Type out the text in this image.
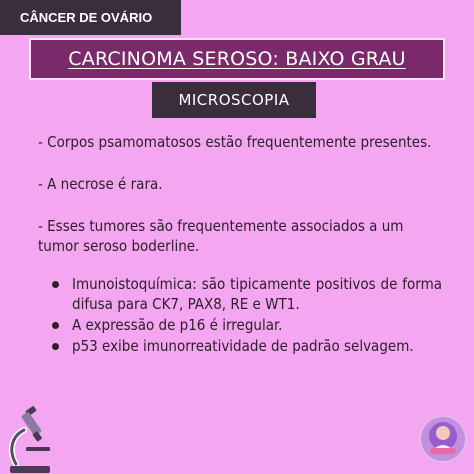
CÂNCER DE OVÁRIO
CARCINOMA SEROSO: BAIXO GRAU
MICROSCOPIA

- Corpos psamomatosos estão frequentemente presentes.

- A necrose é rara.

- Esses tumores são frequentemente associados a um tumor seroso boderline.

Imunoistoquímica: são tipicamente positivos de forma difusa para CK7, PAX8, RE e WT1.
A expressão de p16 é irregular.
p53 exibe imunorreatividade de padrão selvagem.
